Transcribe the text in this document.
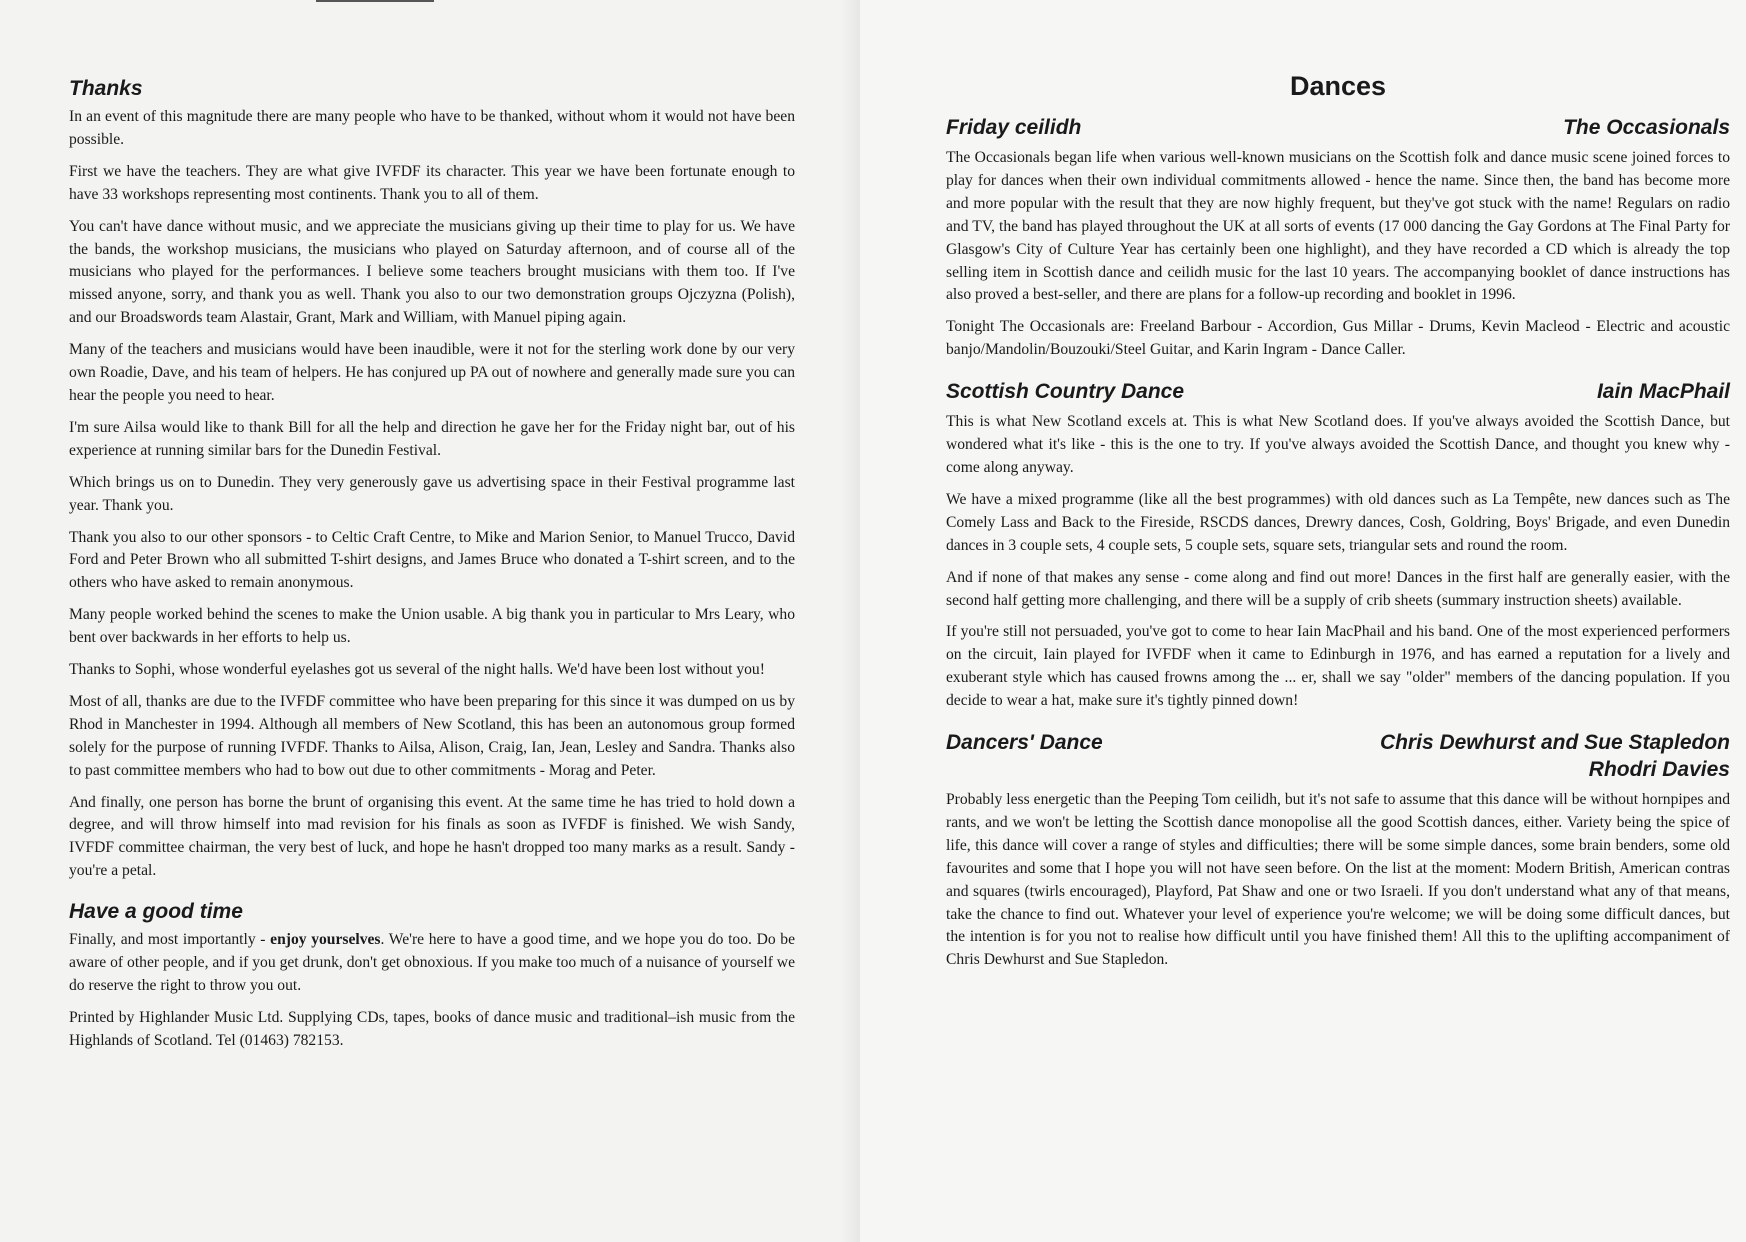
Thanks

In an event of this magnitude there are many people who have to be thanked, without whom it would not have been possible.

First we have the teachers. They are what give IVFDF its character. This year we have been fortunate enough to have 33 workshops representing most continents. Thank you to all of them.

You can't have dance without music, and we appreciate the musicians giving up their time to play for us. We have the bands, the workshop musicians, the musicians who played on Saturday afternoon, and of course all of the musicians who played for the performances. I believe some teachers brought musicians with them too. If I've missed anyone, sorry, and thank you as well. Thank you also to our two demonstration groups Ojczyzna (Polish), and our Broadswords team Alastair, Grant, Mark and William, with Manuel piping again.

Many of the teachers and musicians would have been inaudible, were it not for the sterling work done by our very own Roadie, Dave, and his team of helpers. He has conjured up PA out of nowhere and generally made sure you can hear the people you need to hear.

I'm sure Ailsa would like to thank Bill for all the help and direction he gave her for the Friday night bar, out of his experience at running similar bars for the Dunedin Festival.

Which brings us on to Dunedin. They very generously gave us advertising space in their Festival programme last year. Thank you.

Thank you also to our other sponsors - to Celtic Craft Centre, to Mike and Marion Senior, to Manuel Trucco, David Ford and Peter Brown who all submitted T-shirt designs, and James Bruce who donated a T-shirt screen, and to the others who have asked to remain anonymous.

Many people worked behind the scenes to make the Union usable. A big thank you in particular to Mrs Leary, who bent over backwards in her efforts to help us.

Thanks to Sophi, whose wonderful eyelashes got us several of the night halls. We'd have been lost without you!

Most of all, thanks are due to the IVFDF committee who have been preparing for this since it was dumped on us by Rhod in Manchester in 1994. Although all members of New Scotland, this has been an autonomous group formed solely for the purpose of running IVFDF. Thanks to Ailsa, Alison, Craig, Ian, Jean, Lesley and Sandra. Thanks also to past committee members who had to bow out due to other commitments - Morag and Peter.

And finally, one person has borne the brunt of organising this event. At the same time he has tried to hold down a degree, and will throw himself into mad revision for his finals as soon as IVFDF is finished. We wish Sandy, IVFDF committee chairman, the very best of luck, and hope he hasn't dropped too many marks as a result. Sandy - you're a petal.

Have a good time

Finally, and most importantly - enjoy yourselves. We're here to have a good time, and we hope you do too. Do be aware of other people, and if you get drunk, don't get obnoxious. If you make too much of a nuisance of yourself we do reserve the right to throw you out.

Printed by Highlander Music Ltd. Supplying CDs, tapes, books of dance music and traditional–ish music from the Highlands of Scotland. Tel (01463) 782153.

Dances
Friday ceilidh	The Occasionals

The Occasionals began life when various well-known musicians on the Scottish folk and dance music scene joined forces to play for dances when their own individual commitments allowed - hence the name. Since then, the band has become more and more popular with the result that they are now highly frequent, but they've got stuck with the name! Regulars on radio and TV, the band has played throughout the UK at all sorts of events (17 000 dancing the Gay Gordons at The Final Party for Glasgow's City of Culture Year has certainly been one highlight), and they have recorded a CD which is already the top selling item in Scottish dance and ceilidh music for the last 10 years. The accompanying booklet of dance instructions has also proved a best-seller, and there are plans for a follow-up recording and booklet in 1996.

Tonight The Occasionals are: Freeland Barbour - Accordion, Gus Millar - Drums, Kevin Macleod - Electric and acoustic banjo/Mandolin/Bouzouki/Steel Guitar, and Karin Ingram - Dance Caller.

Scottish Country Dance	Iain MacPhail

This is what New Scotland excels at. This is what New Scotland does. If you've always avoided the Scottish Dance, but wondered what it's like - this is the one to try. If you've always avoided the Scottish Dance, and thought you knew why - come along anyway.

We have a mixed programme (like all the best programmes) with old dances such as La Tempête, new dances such as The Comely Lass and Back to the Fireside, RSCDS dances, Drewry dances, Cosh, Goldring, Boys' Brigade, and even Dunedin dances in 3 couple sets, 4 couple sets, 5 couple sets, square sets, triangular sets and round the room.

And if none of that makes any sense - come along and find out more! Dances in the first half are generally easier, with the second half getting more challenging, and there will be a supply of crib sheets (summary instruction sheets) available.

If you're still not persuaded, you've got to come to hear Iain MacPhail and his band. One of the most experienced performers on the circuit, Iain played for IVFDF when it came to Edinburgh in 1976, and has earned a reputation for a lively and exuberant style which has caused frowns among the ... er, shall we say "older" members of the dancing population. If you decide to wear a hat, make sure it's tightly pinned down!

Dancers' Dance	Chris Dewhurst and Sue Stapledon
Rhodri Davies

Probably less energetic than the Peeping Tom ceilidh, but it's not safe to assume that this dance will be without hornpipes and rants, and we won't be letting the Scottish dance monopolise all the good Scottish dances, either. Variety being the spice of life, this dance will cover a range of styles and difficulties; there will be some simple dances, some brain benders, some old favourites and some that I hope you will not have seen before. On the list at the moment: Modern British, American contras and squares (twirls encouraged), Playford, Pat Shaw and one or two Israeli. If you don't understand what any of that means, take the chance to find out. Whatever your level of experience you're welcome; we will be doing some difficult dances, but the intention is for you not to realise how difficult until you have finished them! All this to the uplifting accompaniment of Chris Dewhurst and Sue Stapledon.
